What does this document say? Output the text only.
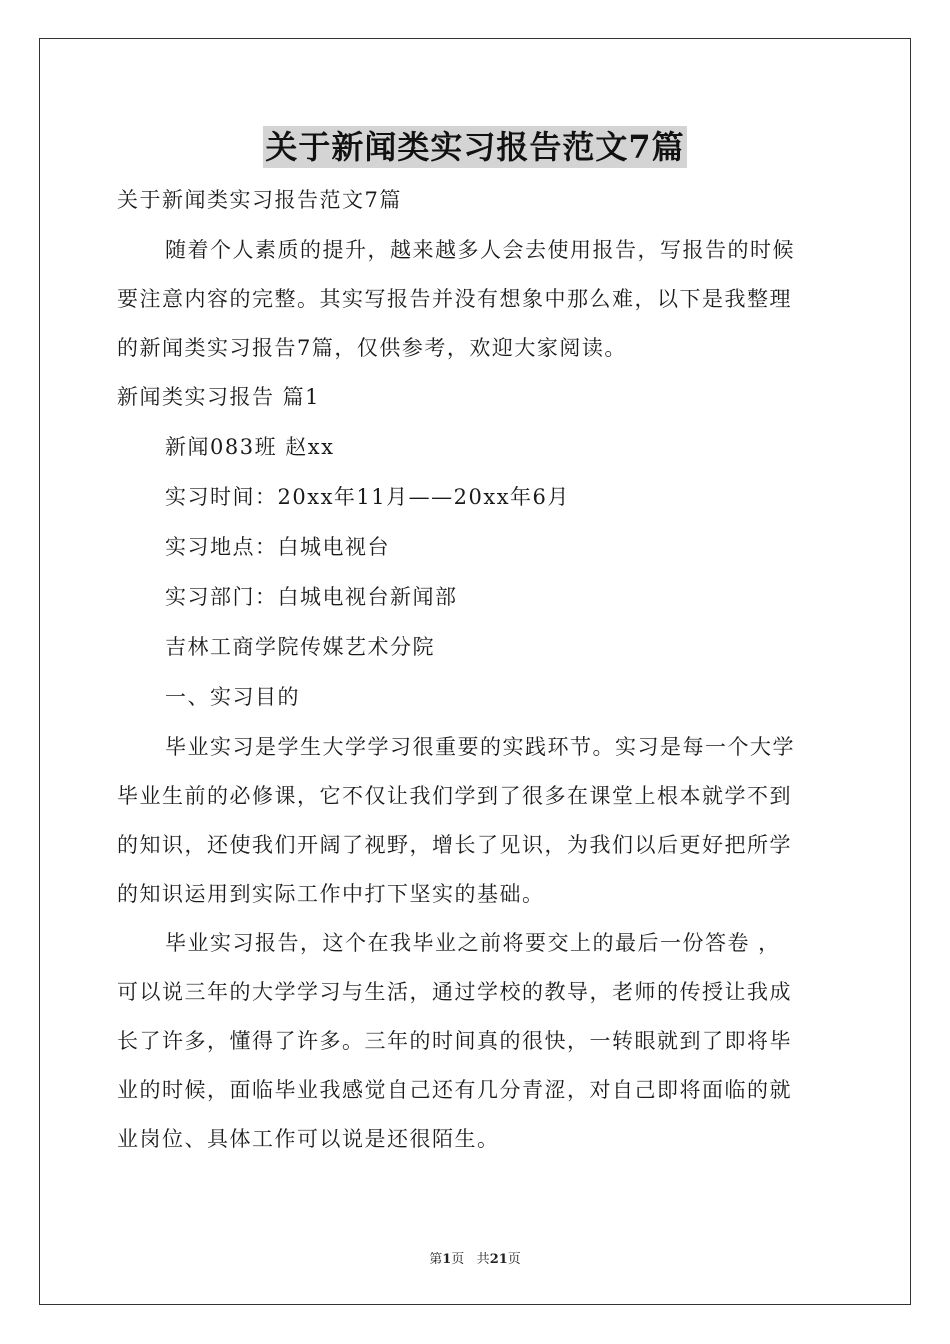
关于新闻类实习报告范文7篇

关于新闻类实习报告范文7篇

随着个人素质的提升，越来越多人会去使用报告，写报告的时候
要注意内容的完整。其实写报告并没有想象中那么难，以下是我整理
的新闻类实习报告7篇，仅供参考，欢迎大家阅读。

新闻类实习报告 篇1

新闻083班 赵xx

实习时间：20xx年11月——20xx年6月

实习地点：白城电视台

实习部门：白城电视台新闻部

吉林工商学院传媒艺术分院

一、实习目的

毕业实习是学生大学学习很重要的实践环节。实习是每一个大学
毕业生前的必修课，它不仅让我们学到了很多在课堂上根本就学不到
的知识，还使我们开阔了视野，增长了见识，为我们以后更好把所学
的知识运用到实际工作中打下坚实的基础。
毕业实习报告，这个在我毕业之前将要交上的最后一份答卷 ，
可以说三年的大学学习与生活，通过学校的教导，老师的传授让我成
长了许多，懂得了许多。三年的时间真的很快，一转眼就到了即将毕
业的时候，面临毕业我感觉自己还有几分青涩，对自己即将面临的就
业岗位、具体工作可以说是还很陌生。
第1页 共21页
